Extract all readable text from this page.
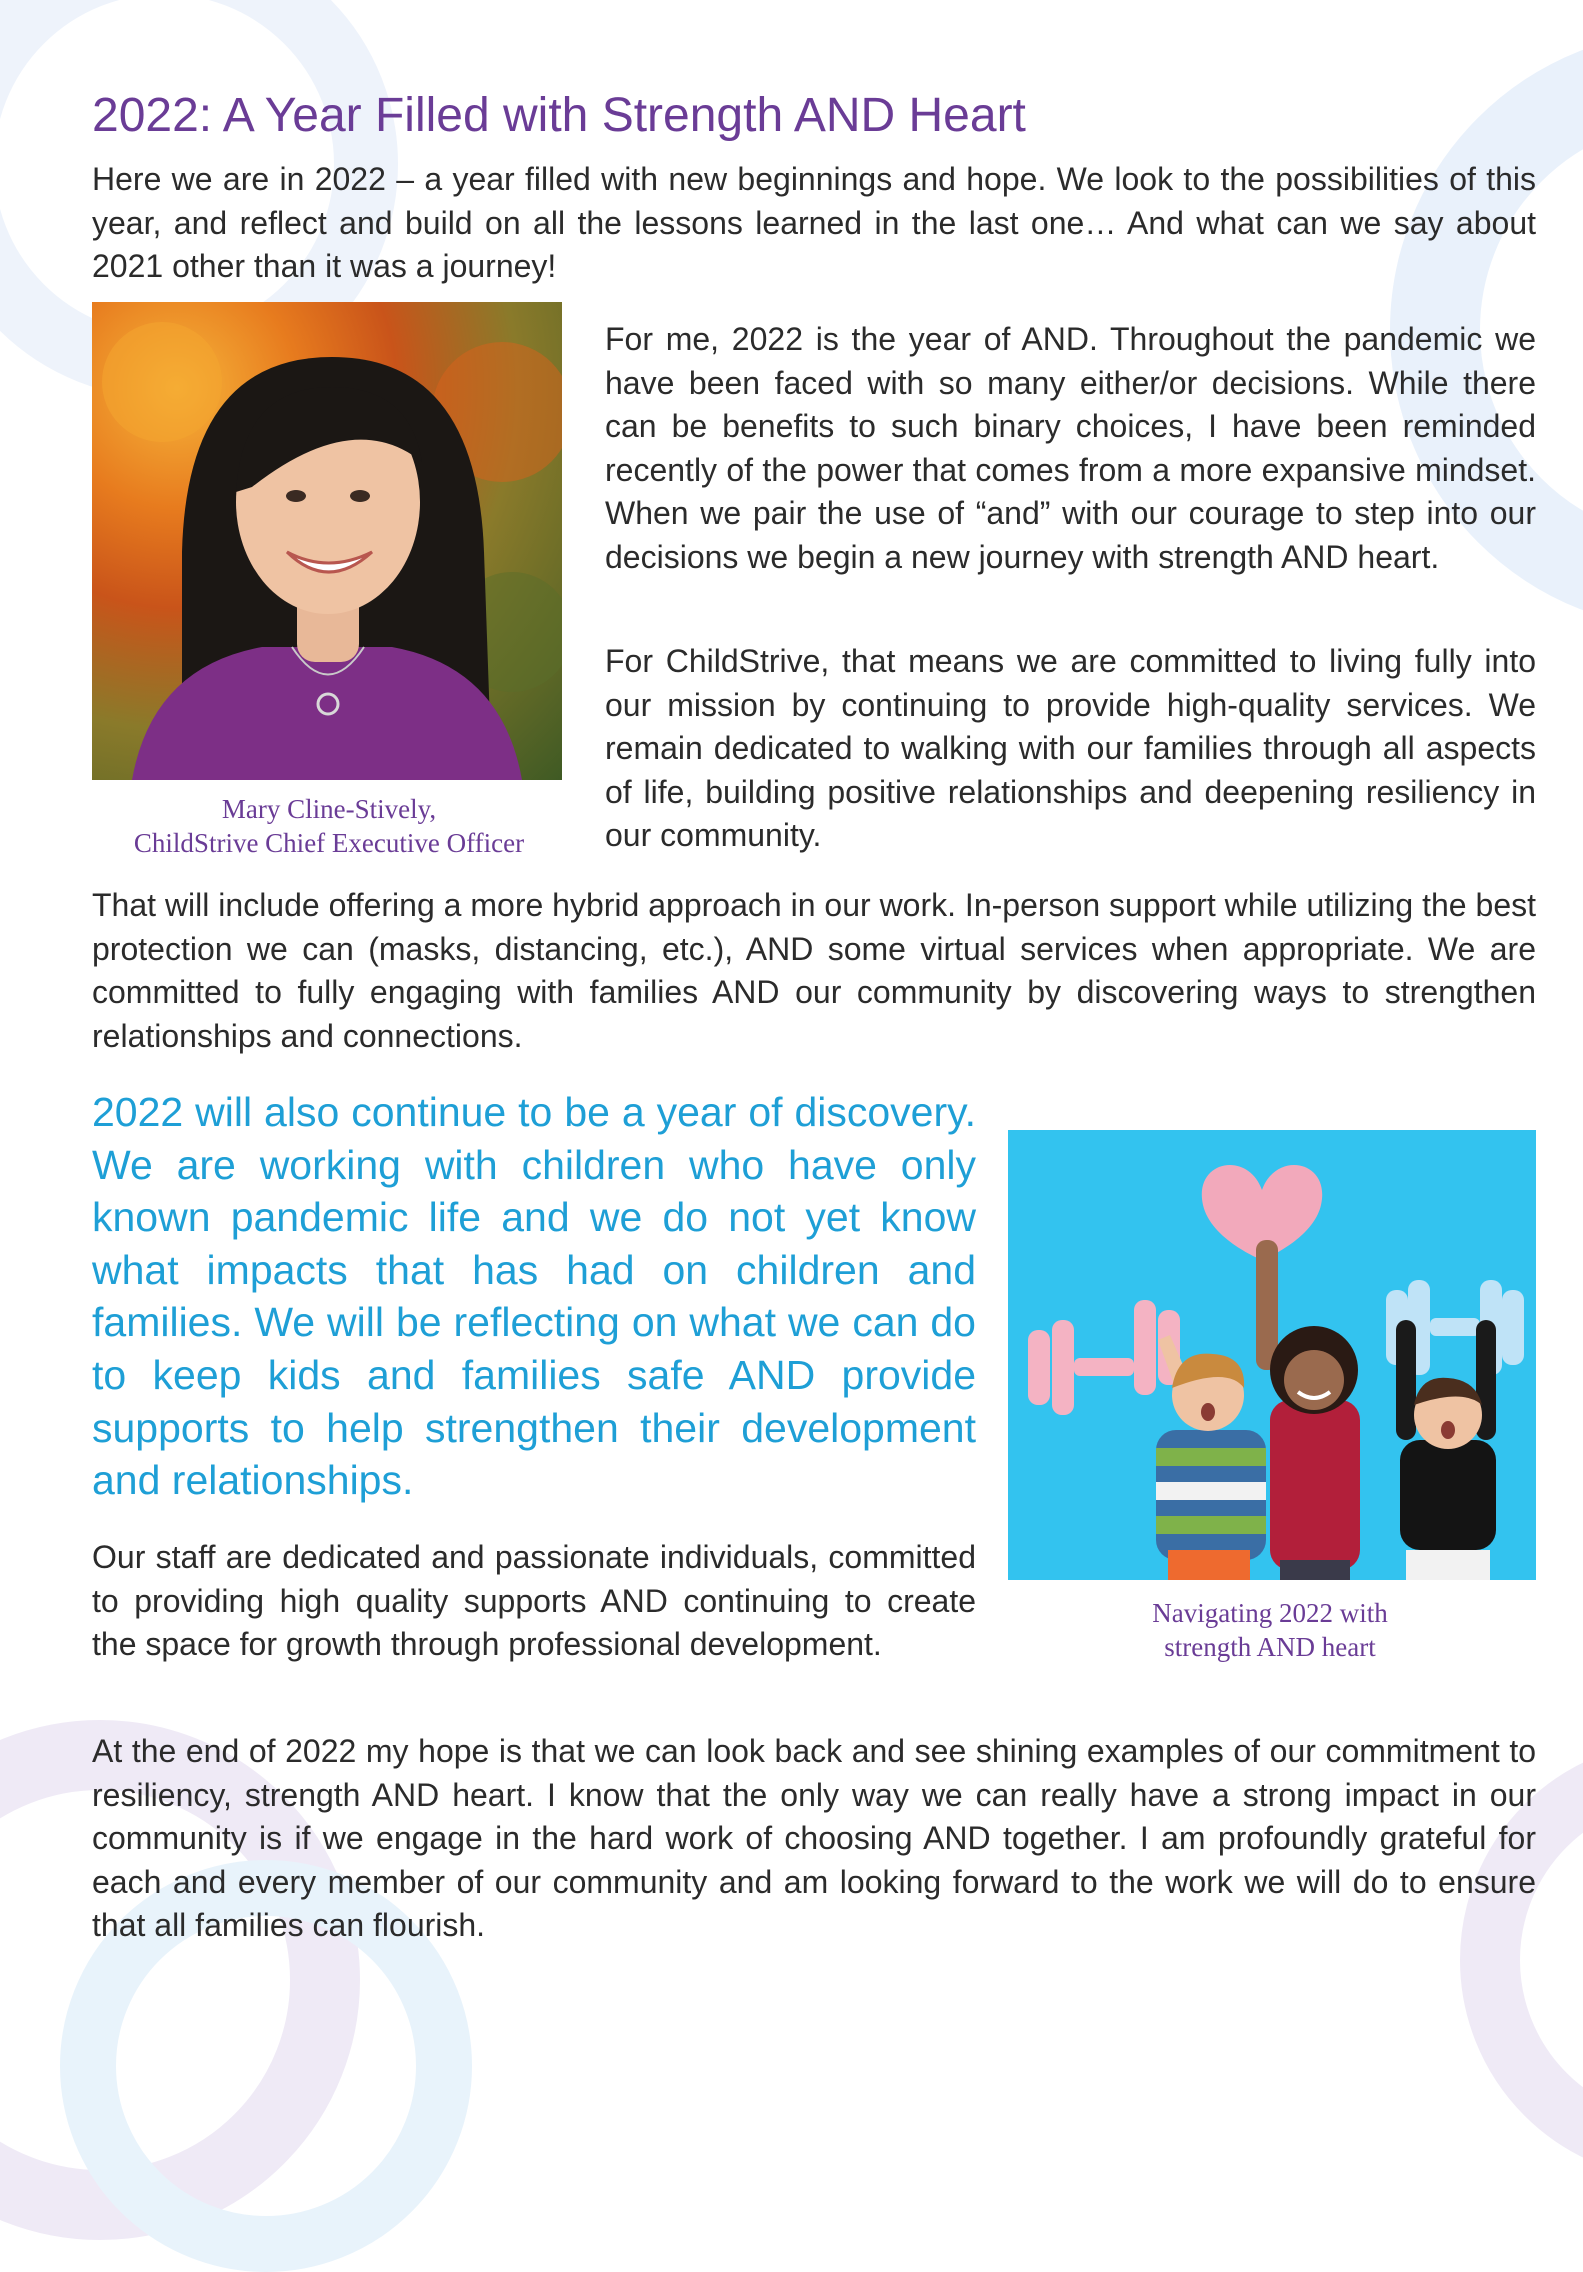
2022: A Year Filled with Strength AND Heart

Here we are in 2022 – a year filled with new beginnings and hope. We look to the possibilities of this year, and reflect and build on all the lessons learned in the last one… And what can we say about 2021 other than it was a journey!

Mary Cline-Stively,
ChildStrive Chief Executive Officer

For me, 2022 is the year of AND. Throughout the pandemic we have been faced with so many either/or decisions. While there can be benefits to such binary choices, I have been reminded recently of the power that comes from a more expansive mindset. When we pair the use of “and” with our courage to step into our decisions we begin a new journey with strength AND heart.

For ChildStrive, that means we are committed to living fully into our mission by continuing to provide high-quality services. We remain dedicated to walking with our families through all aspects of life, building positive relationships and deepening resiliency in our community.

That will include offering a more hybrid approach in our work. In-person support while utilizing the best protection we can (masks, distancing, etc.), AND some virtual services when appropriate. We are committed to fully engaging with families AND our community by discovering ways to strengthen relationships and connections.

2022 will also continue to be a year of discovery. We are working with children who have only known pandemic life and we do not yet know what impacts that has had on children and families. We will be reflecting on what we can do to keep kids and families safe AND provide supports to help strengthen their development and relationships.

Navigating 2022 with
strength AND heart

Our staff are dedicated and passionate individuals, committed to providing high quality supports AND continuing to create the space for growth through professional development.

At the end of 2022 my hope is that we can look back and see shining examples of our commitment to resiliency, strength AND heart. I know that the only way we can really have a strong impact in our community is if we engage in the hard work of choosing AND together. I am profoundly grateful for each and every member of our community and am looking forward to the work we will do to ensure that all families can flourish.
